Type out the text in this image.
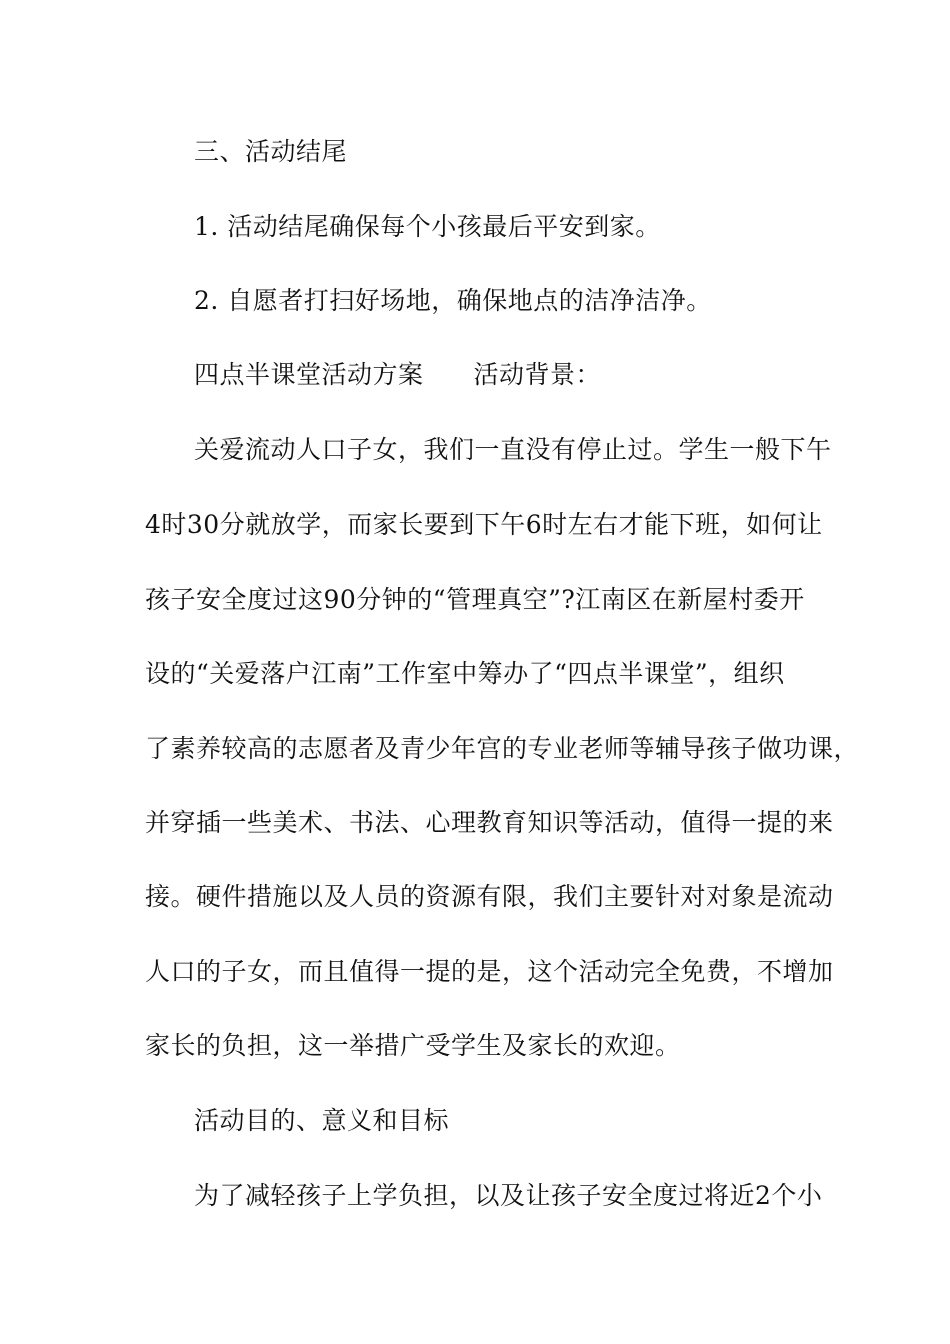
三、活动结尾
1. 活动结尾确保每个小孩最后平安到家。
2. 自愿者打扫好场地，确保地点的洁净洁净。
四点半课堂活动方案 活动背景：
关爱流动人口子女，我们一直没有停止过。学生一般下午
4时30分就放学，而家长要到下午6时左右才能下班，如何让
孩子安全度过这90分钟的“管理真空”?江南区在新屋村委开
设的“关爱落户江南”工作室中筹办了“四点半课堂”，组织
了素养较高的志愿者及青少年宫的专业老师等辅导孩子做功课，
并穿插一些美术、书法、心理教育知识等活动，值得一提的来
接。硬件措施以及人员的资源有限，我们主要针对对象是流动
人口的子女，而且值得一提的是，这个活动完全免费，不增加
家长的负担，这一举措广受学生及家长的欢迎。
活动目的、意义和目标
为了减轻孩子上学负担，以及让孩子安全度过将近2个小
